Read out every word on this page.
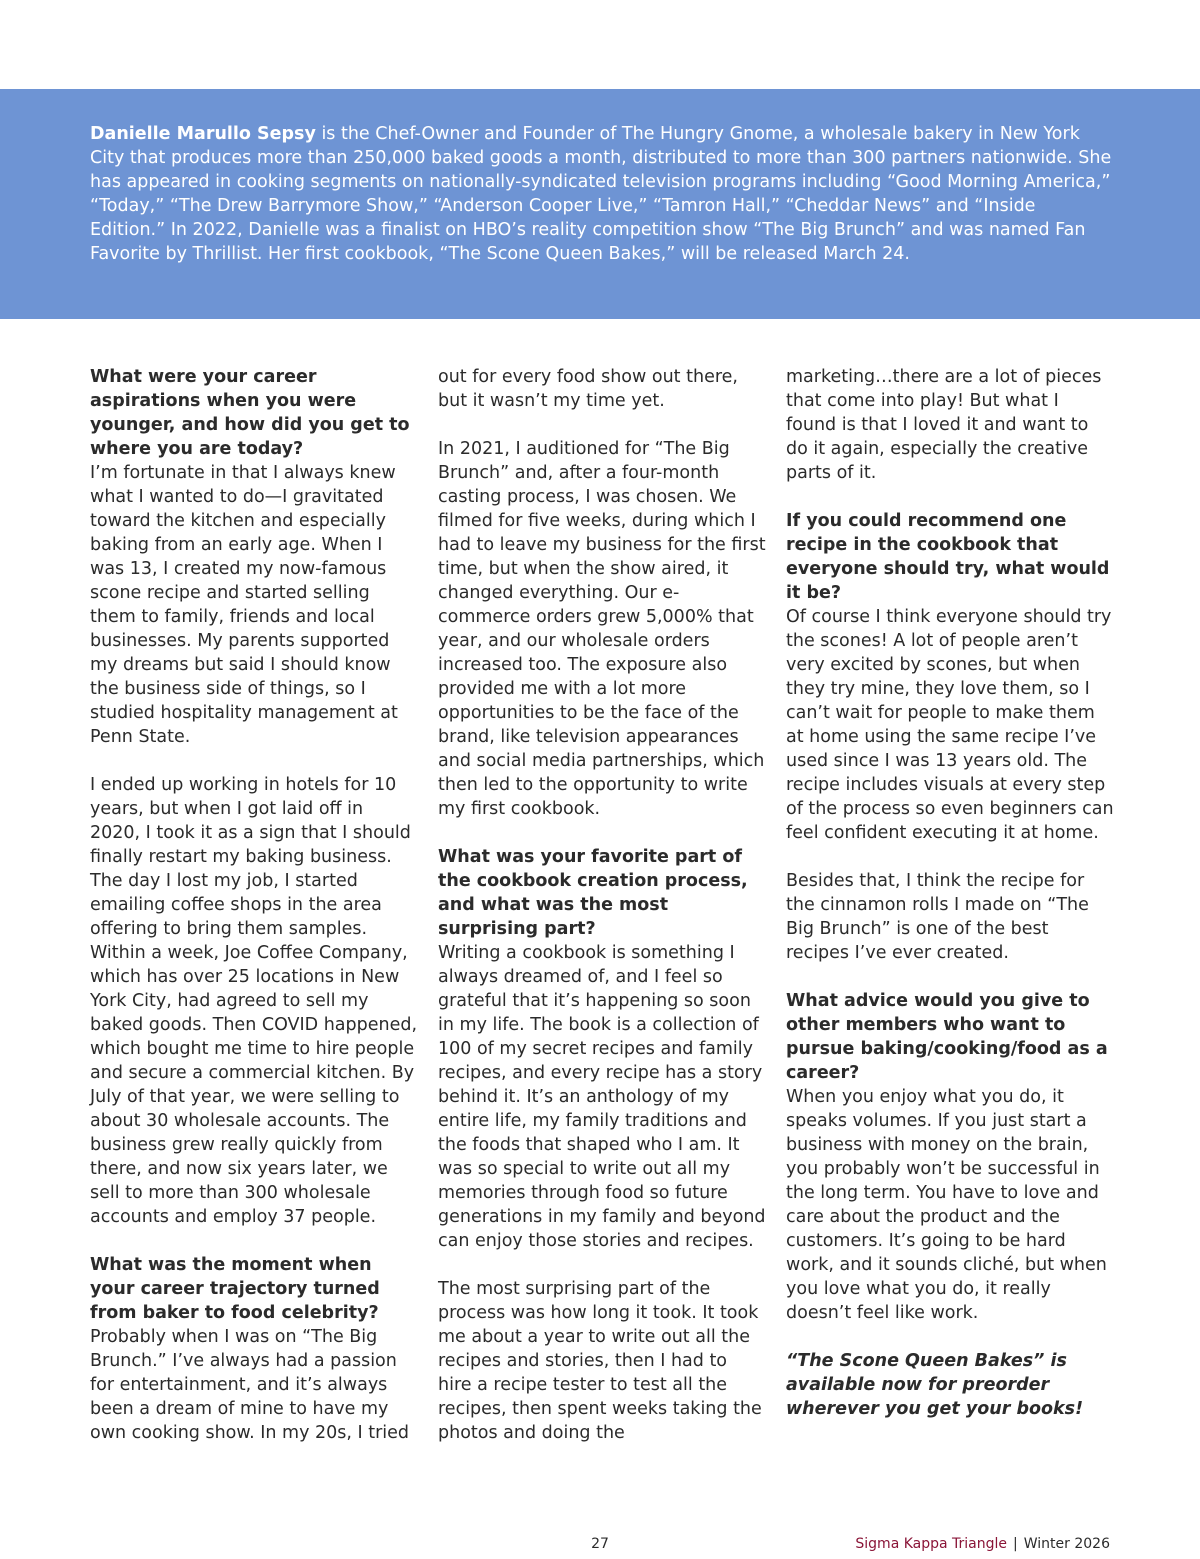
Danielle Marullo Sepsy is the Chef-Owner and Founder of The Hungry Gnome, a wholesale bakery in New York City that produces more than 250,000 baked goods a month, distributed to more than 300 partners nationwide. She has appeared in cooking segments on nationally-syndicated television programs including “Good Morning America,” “Today,” “The Drew Barrymore Show,” “Anderson Cooper Live,” “Tamron Hall,” “Cheddar News” and “Inside Edition.” In 2022, Danielle was a finalist on HBO’s reality competition show “The Big Brunch” and was named Fan Favorite by Thrillist. Her first cookbook, “The Scone Queen Bakes,” will be released March 24.

What were your career aspirations when you were younger, and how did you get to where you are today?

I’m fortunate in that I always knew what I wanted to do—I gravitated toward the kitchen and especially baking from an early age. When I was 13, I created my now-famous scone recipe and started selling them to family, friends and local businesses. My parents supported my dreams but said I should know the business side of things, so I studied hospitality management at Penn State.

I ended up working in hotels for 10 years, but when I got laid off in 2020, I took it as a sign that I should finally restart my baking business. The day I lost my job, I started emailing coffee shops in the area offering to bring them samples. Within a week, Joe Coffee Company, which has over 25 locations in New York City, had agreed to sell my baked goods. Then COVID happened, which bought me time to hire people and secure a commercial kitchen. By July of that year, we were selling to about 30 wholesale accounts. The business grew really quickly from there, and now six years later, we sell to more than 300 wholesale accounts and employ 37 people.

What was the moment when your career trajectory turned from baker to food celebrity?

Probably when I was on “The Big Brunch.” I’ve always had a passion for entertainment, and it’s always been a dream of mine to have my own cooking show. In my 20s, I tried

out for every food show out there, but it wasn’t my time yet.

In 2021, I auditioned for “The Big Brunch” and, after a four-month casting process, I was chosen. We filmed for five weeks, during which I had to leave my business for the first time, but when the show aired, it changed everything. Our e-commerce orders grew 5,000% that year, and our wholesale orders increased too. The exposure also provided me with a lot more opportunities to be the face of the brand, like television appearances and social media partnerships, which then led to the opportunity to write my first cookbook.

What was your favorite part of the cookbook creation process, and what was the most surprising part?

Writing a cookbook is something I always dreamed of, and I feel so grateful that it’s happening so soon in my life. The book is a collection of 100 of my secret recipes and family recipes, and every recipe has a story behind it. It’s an anthology of my entire life, my family traditions and the foods that shaped who I am. It was so special to write out all my memories through food so future generations in my family and beyond can enjoy those stories and recipes.

The most surprising part of the process was how long it took. It took me about a year to write out all the recipes and stories, then I had to hire a recipe tester to test all the recipes, then spent weeks taking the photos and doing the

marketing…there are a lot of pieces that come into play! But what I found is that I loved it and want to do it again, especially the creative parts of it.

If you could recommend one recipe in the cookbook that everyone should try, what would it be?

Of course I think everyone should try the scones! A lot of people aren’t very excited by scones, but when they try mine, they love them, so I can’t wait for people to make them at home using the same recipe I’ve used since I was 13 years old. The recipe includes visuals at every step of the process so even beginners can feel confident executing it at home.

Besides that, I think the recipe for the cinnamon rolls I made on “The Big Brunch” is one of the best recipes I’ve ever created.

What advice would you give to other members who want to pursue baking/cooking/food as a career?

When you enjoy what you do, it speaks volumes. If you just start a business with money on the brain, you probably won’t be successful in the long term. You have to love and care about the product and the customers. It’s going to be hard work, and it sounds cliché, but when you love what you do, it really doesn’t feel like work.

“The Scone Queen Bakes” is available now for preorder wherever you get your books!

27	Sigma Kappa Triangle | Winter 2026
